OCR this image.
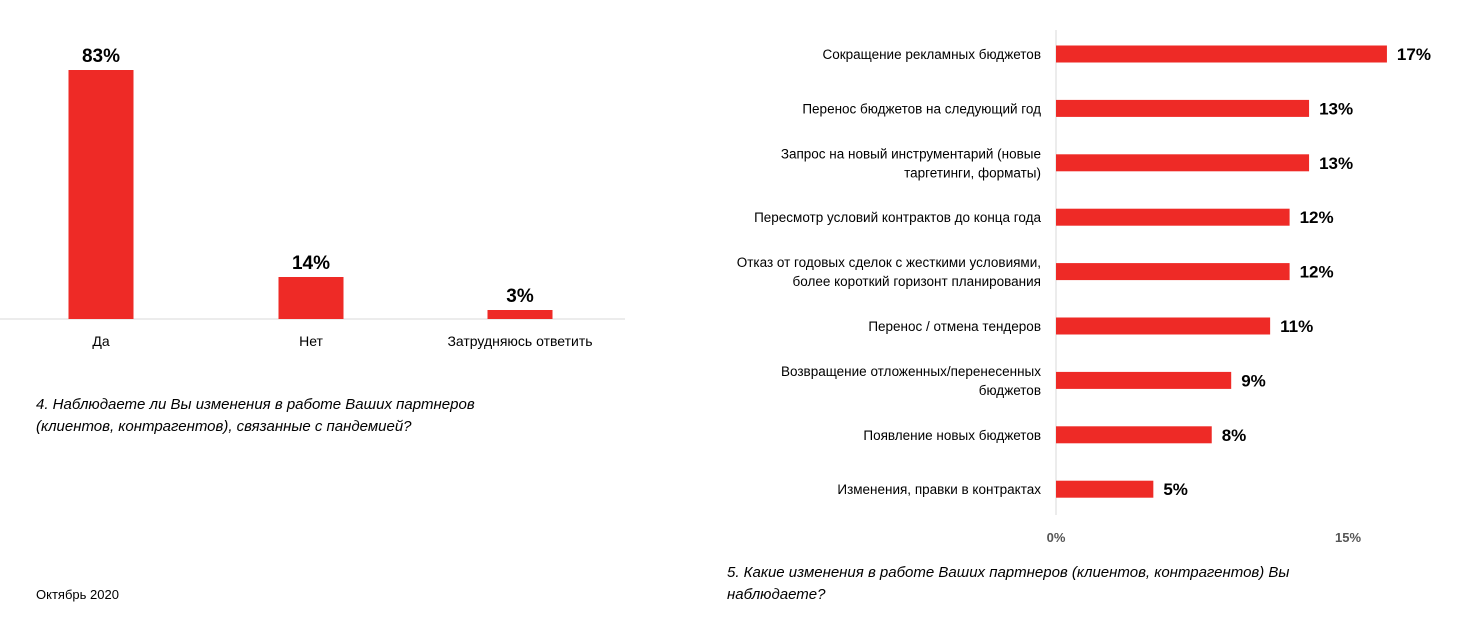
83%
Да
14%
Нет
3%
Затрудняюсь ответить
17%
Сокращение рекламных бюджетов
13%
Перенос бюджетов на следующий год
13%
Запрос на новый инструментарий (новые
таргетинги, форматы)
12%
Пересмотр условий контрактов до конца года
12%
Отказ от годовых сделок с жесткими условиями,
более короткий горизонт планирования
11%
Перенос / отмена тендеров
9%
Возвращение отложенных/перенесенных
бюджетов
8%
Появление новых бюджетов
5%
Изменения, правки в контрактах
0%	15%
4. Наблюдаете ли Вы изменения в работе Ваших партнеров
(клиентов, контрагентов), связанные с пандемией?
5. Какие изменения в работе Ваших партнеров (клиентов, контрагентов) Вы
наблюдаете?
Октябрь 2020
